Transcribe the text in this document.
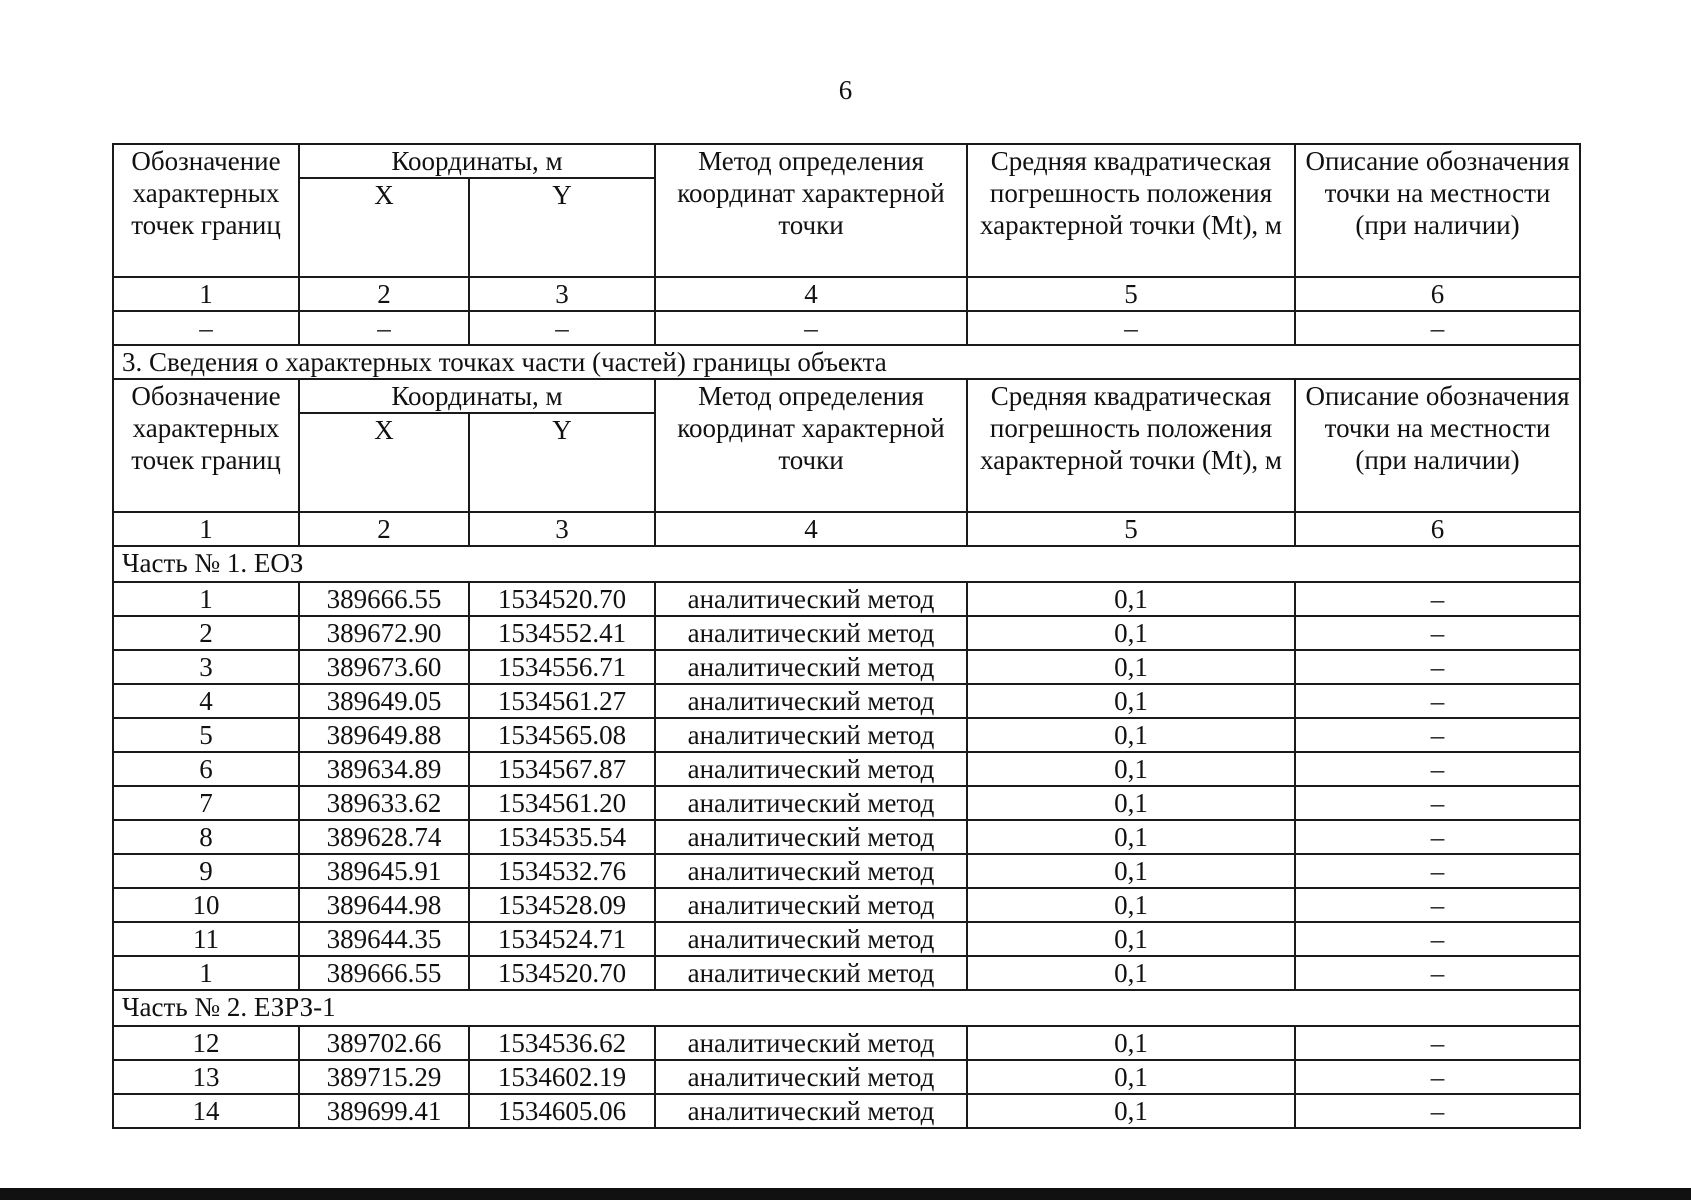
6
Обозначение характерных точек границ	Координаты, м		Метод определения координат характерной точки	Средняя квадратическая погрешность положения характерной точки (Mt), м	Описание обозначения точки на местности (при наличии)
	X	Y			
1	2	3	4	5	6
–	–	–	–	–	–
3. Сведения о характерных точках части (частей) границы объекта					
Обозначение характерных точек границ	Координаты, м		Метод определения координат характерной точки	Средняя квадратическая погрешность положения характерной точки (Mt), м	Описание обозначения точки на местности (при наличии)
	X	Y			
1	2	3	4	5	6
Часть № 1. ЕОЗ					
1	389666.55	1534520.70	аналитический метод	0,1	–
2	389672.90	1534552.41	аналитический метод	0,1	–
3	389673.60	1534556.71	аналитический метод	0,1	–
4	389649.05	1534561.27	аналитический метод	0,1	–
5	389649.88	1534565.08	аналитический метод	0,1	–
6	389634.89	1534567.87	аналитический метод	0,1	–
7	389633.62	1534561.20	аналитический метод	0,1	–
8	389628.74	1534535.54	аналитический метод	0,1	–
9	389645.91	1534532.76	аналитический метод	0,1	–
10	389644.98	1534528.09	аналитический метод	0,1	–
11	389644.35	1534524.71	аналитический метод	0,1	–
1	389666.55	1534520.70	аналитический метод	0,1	–
Часть № 2. ЕЗРЗ-1					
12	389702.66	1534536.62	аналитический метод	0,1	–
13	389715.29	1534602.19	аналитический метод	0,1	–
14	389699.41	1534605.06	аналитический метод	0,1	–
